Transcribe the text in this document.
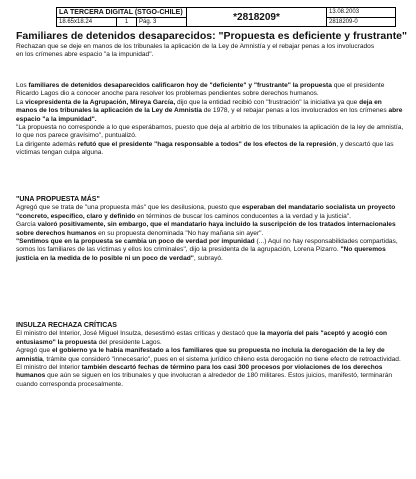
LA TERCERA DIGITAL (STGO-CHILE)
18.65x18.24	1	Pág. 3	*2818209*	13.08.2003
2818209-0
Familiares de detenidos desaparecidos: "Propuesta es deficiente y frustrante"

Rechazan que se deje en manos de los tribunales la aplicación de la Ley de Amnistía y el rebajar penas a los involucrados

en los crímenes abre espacio "a la impunidad".

Los familiares de detenidos desaparecidos calificaron hoy de "deficiente" y "frustrante" la propuesta que el presidente Ricardo Lagos dio a conocer anoche para resolver los problemas pendientes sobre derechos humanos.

La vicepresidenta de la Agrupación, Mireya García, dijo que la entidad recibió con "frustración" la iniciativa ya que deja en manos de los tribunales la aplicación de la Ley de Amnistía de 1978, y el rebajar penas a los involucrados en los crímenes abre espacio "a la impunidad".

"La propuesta no corresponde a lo que esperábamos, puesto que deja al arbitrio de los tribunales la aplicación de la ley de amnistía, lo que nos parece gravísimo", puntualizó.

La dirigente además refutó que el presidente "haga responsable a todos" de los efectos de la represión, y descartó que las víctimas tengan culpa alguna.

"UNA PROPUESTA MÁS"

Agregó que se trata de "una propuesta más" que les desilusiona, puesto que esperaban del mandatario socialista un proyecto "concreto, específico, claro y definido en términos de buscar los caminos conducentes a la verdad y la justicia".

García valoró positivamente, sin embargo, que el mandatario haya incluido la suscripción de los tratados internacionales sobre derechos humanos en su propuesta denominada "No hay mañana sin ayer".

"Sentimos que en la propuesta se cambia un poco de verdad por impunidad (...) Aquí no hay responsabilidades compartidas, somos los familiares de las víctimas y ellos los criminales", dijo la presidenta de la agrupación, Lorena Pizarro. "No queremos justicia en la medida de lo posible ni un poco de verdad", subrayó.

INSULZA RECHAZA CRÍTICAS

El ministro del Interior, José Miguel Insulza, desestimó estas críticas y destacó que la mayoría del país "aceptó y acogió con entusiasmo" la propuesta del presidente Lagos.

Agregó que el gobierno ya le había manifestado a los familiares que su propuesta no incluía la derogación de la ley de amnistía, trámite que consideró "innecesario", pues en el sistema jurídico chileno esta derogación no tiene efecto de retroactividad.

El ministro del Interior también descartó fechas de término para los casi 300 procesos por violaciones de los derechos humanos que aún se siguen en los tribunales y que involucran a alrededor de 180 militares. Estos juicios, manifestó, terminarán cuando corresponda procesalmente.
